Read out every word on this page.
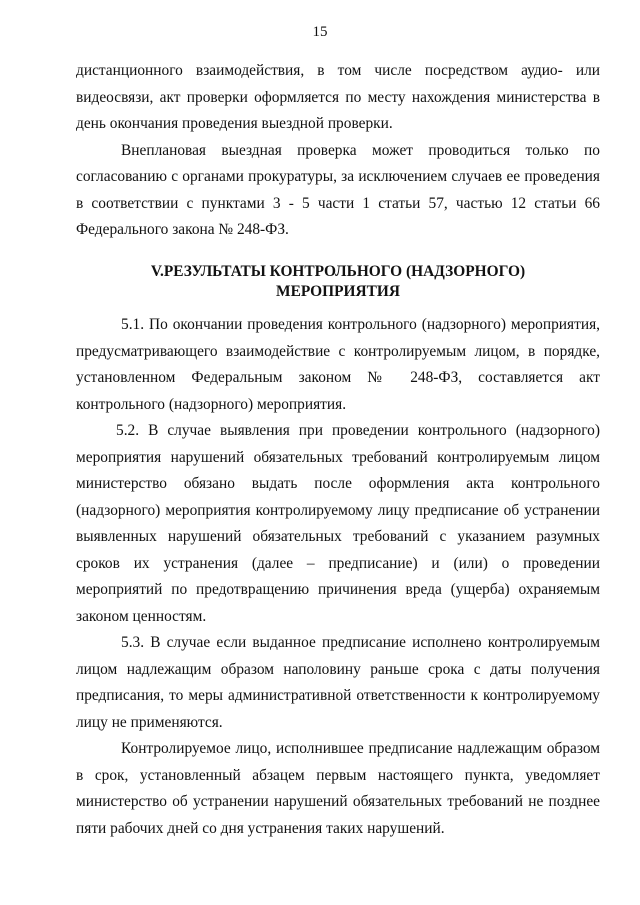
15

дистанционного взаимодействия, в том числе посредством аудио- или видеосвязи, акт проверки оформляется по месту нахождения министерства в день окончания проведения выездной проверки.

Внеплановая выездная проверка может проводиться только по согласованию с органами прокуратуры, за исключением случаев ее проведения в соответствии с пунктами 3 - 5 части 1 статьи 57, частью 12 статьи 66 Федерального закона № 248-ФЗ.

V.РЕЗУЛЬТАТЫ КОНТРОЛЬНОГО (НАДЗОРНОГО)
МЕРОПРИЯТИЯ

5.1. По окончании проведения контрольного (надзорного) мероприятия, предусматривающего взаимодействие с контролируемым лицом, в порядке, установленном Федеральным законом № 248-ФЗ, составляется акт контрольного (надзорного) мероприятия.

5.2. В случае выявления при проведении контрольного (надзорного) мероприятия нарушений обязательных требований контролируемым лицом министерство обязано выдать после оформления акта контрольного (надзорного) мероприятия контролируемому лицу предписание об устранении выявленных нарушений обязательных требований с указанием разумных сроков их устранения (далее – предписание) и (или) о проведении мероприятий по предотвращению причинения вреда (ущерба) охраняемым законом ценностям.

5.3. В случае если выданное предписание исполнено контролируемым лицом надлежащим образом наполовину раньше срока с даты получения предписания, то меры административной ответственности к контролируемому лицу не применяются.

Контролируемое лицо, исполнившее предписание надлежащим образом в срок, установленный абзацем первым настоящего пункта, уведомляет министерство об устранении нарушений обязательных требований не позднее пяти рабочих дней со дня устранения таких нарушений.
